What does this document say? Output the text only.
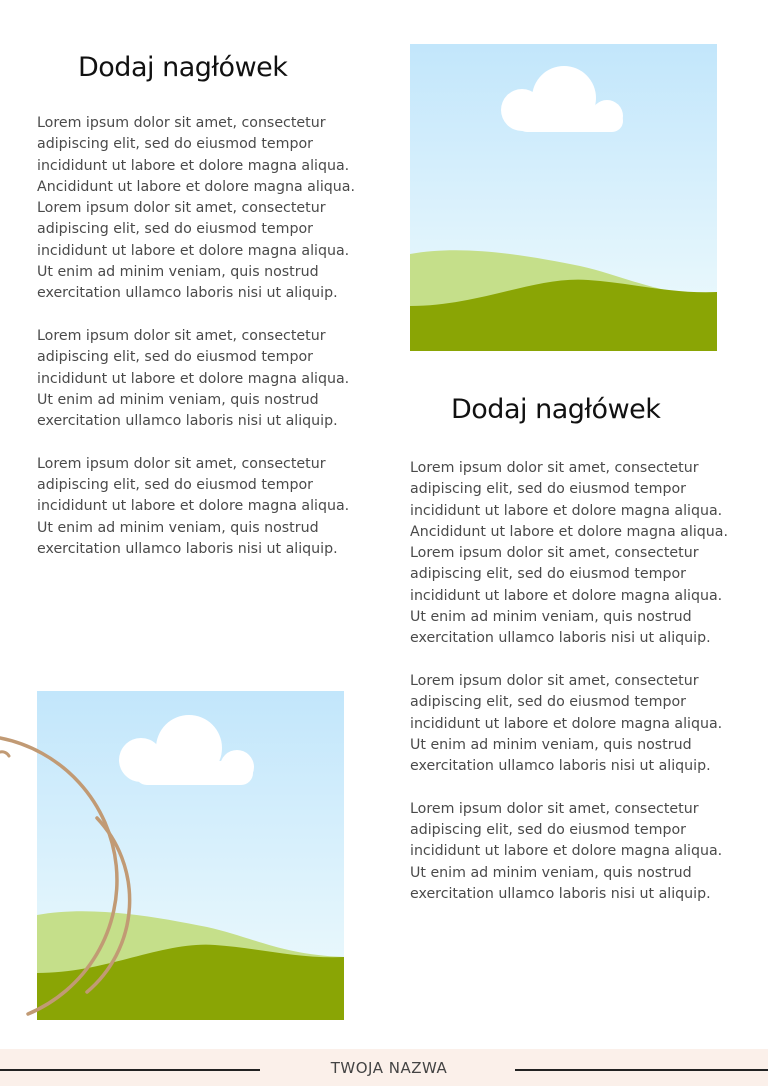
Dodaj nagłówek

Lorem ipsum dolor sit amet, consectetur adipiscing elit, sed do eiusmod tempor incididunt ut labore et dolore magna aliqua. Ancididunt ut labore et dolore magna aliqua. Lorem ipsum dolor sit amet, consectetur adipiscing elit, sed do eiusmod tempor incididunt ut labore et dolore magna aliqua. Ut enim ad minim veniam, quis nostrud exercitation ullamco laboris nisi ut aliquip.

Lorem ipsum dolor sit amet, consectetur adipiscing elit, sed do eiusmod tempor incididunt ut labore et dolore magna aliqua. Ut enim ad minim veniam, quis nostrud exercitation ullamco laboris nisi ut aliquip.

Lorem ipsum dolor sit amet, consectetur adipiscing elit, sed do eiusmod tempor incididunt ut labore et dolore magna aliqua. Ut enim ad minim veniam, quis nostrud exercitation ullamco laboris nisi ut aliquip.

Dodaj nagłówek

Lorem ipsum dolor sit amet, consectetur adipiscing elit, sed do eiusmod tempor incididunt ut labore et dolore magna aliqua. Ancididunt ut labore et dolore magna aliqua. Lorem ipsum dolor sit amet, consectetur adipiscing elit, sed do eiusmod tempor incididunt ut labore et dolore magna aliqua. Ut enim ad minim veniam, quis nostrud exercitation ullamco laboris nisi ut aliquip.

Lorem ipsum dolor sit amet, consectetur adipiscing elit, sed do eiusmod tempor incididunt ut labore et dolore magna aliqua. Ut enim ad minim veniam, quis nostrud exercitation ullamco laboris nisi ut aliquip.

Lorem ipsum dolor sit amet, consectetur adipiscing elit, sed do eiusmod tempor incididunt ut labore et dolore magna aliqua. Ut enim ad minim veniam, quis nostrud exercitation ullamco laboris nisi ut aliquip.

TWOJA NAZWA
